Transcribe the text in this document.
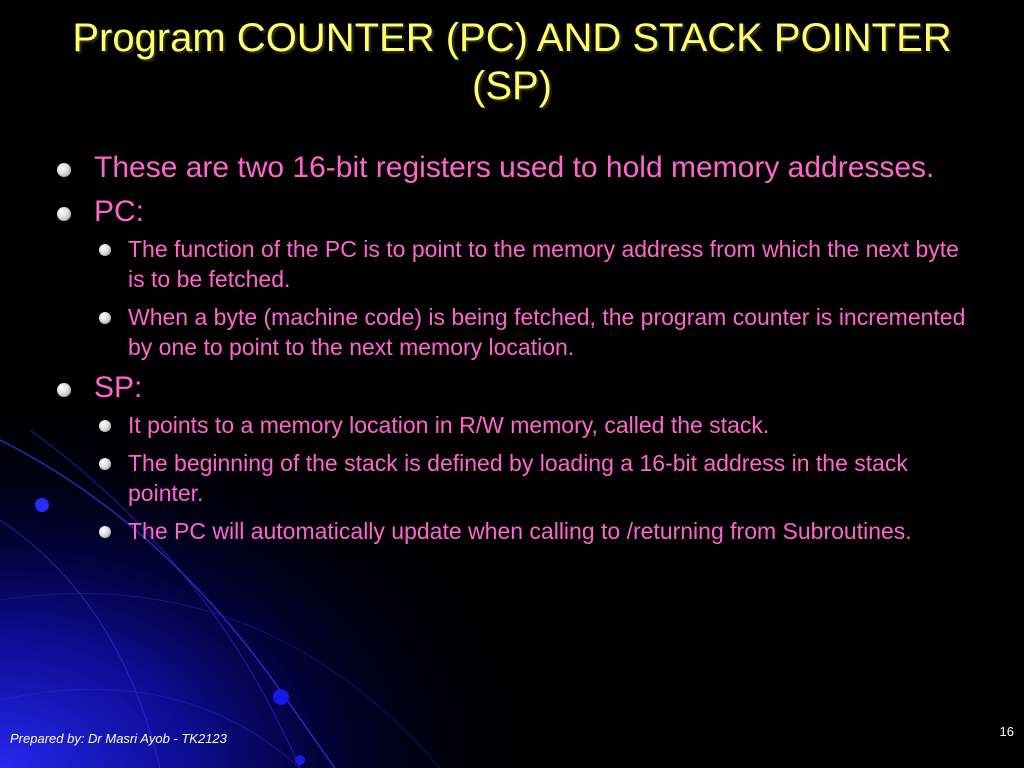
Program COUNTER (PC) AND STACK POINTER (SP)
These are two 16-bit registers used to hold memory addresses.
PC:
The function of the PC is to point to the memory address from which the next byte is to be fetched.
When a byte (machine code) is being fetched, the program counter is incremented by one to point to the next memory location.
SP:
It points to a memory location in R/W memory, called the stack.
The beginning of the stack is defined by loading a 16-bit address in the stack pointer.
The PC will automatically update when calling to /returning from Subroutines.
Prepared by: Dr Masri Ayob - TK2123	16
